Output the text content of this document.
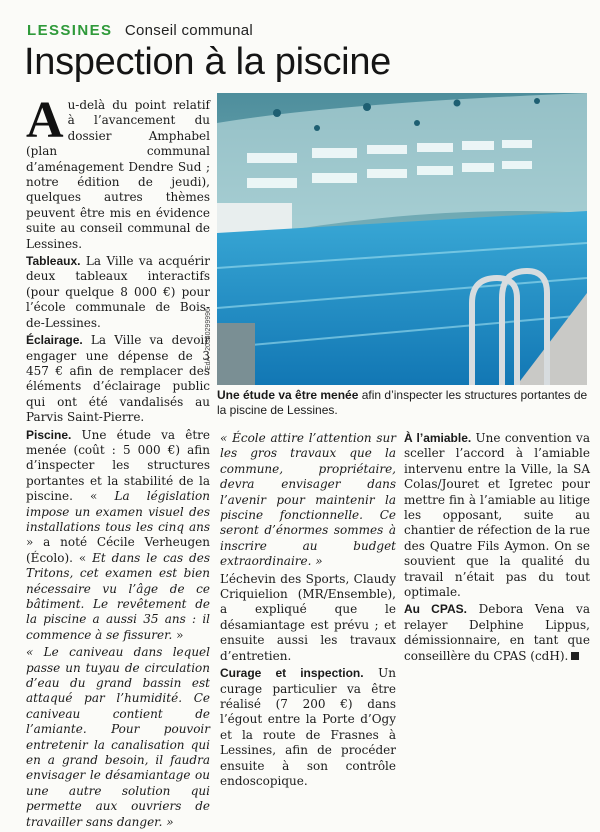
LESSINES Conseil communal
Inspection à la piscine

Au-delà du point relatif à l’avancement du dossier Amphabel (plan communal d’aménagement Dendre Sud ; notre édition de jeudi), quelques autres thèmes peuvent être mis en évidence suite au conseil communal de Lessines.

Tableaux. La Ville va acquérir deux tableaux interactifs (pour quelque 8 000 €) pour l’école communale de Bois-de-Lessines.

Éclairage. La Ville va devoir engager une dépense de 3 457 € afin de remplacer des éléments d’éclairage public qui ont été vandalisés au Parvis Saint-Pierre.

Piscine. Une étude va être menée (coût : 5 000 €) afin d’inspecter les structures portantes et la stabilité de la piscine. « La législation impose un examen visuel des installations tous les cinq ans » a noté Cécile Verheugen (Écolo). « Et dans le cas des Tritons, cet examen est bien nécessaire vu l’âge de ce bâtiment. Le revêtement de la piscine a aussi 35 ans : il commence à se fissurer. »

« Le caniveau dans lequel passe un tuyau de circulation d’eau du grand bassin est attaqué par l’humidité. Ce caniveau contient de l’amiante. Pour pouvoir entretenir la canalisation qui en a grand besoin, il faudra envisager le désamiantage ou une autre solution qui permette aux ouvriers de travailler sans danger. »

EdA - 20340299996
Une étude va être menée afin d’inspecter les structures portantes de la piscine de Lessines.

« École attire l’attention sur les gros travaux que la commune, propriétaire, devra envisager dans l’avenir pour maintenir la piscine fonctionnelle. Ce seront d’énormes sommes à inscrire au budget extraordinaire. »

L’échevin des Sports, Claudy Criquielion (MR/Ensemble), a expliqué que le désamiantage est prévu ; et ensuite aussi les travaux d’entretien.

Curage et inspection. Un curage particulier va être réalisé (7 200 €) dans l’égout entre la Porte d’Ogy et la route de Frasnes à Lessines, afin de procéder ensuite à son contrôle endoscopique.

À l’amiable. Une convention va sceller l’accord à l’amiable intervenu entre la Ville, la SA Colas/Jouret et Igretec pour mettre fin à l’amiable au litige les opposant, suite au chantier de réfection de la rue des Quatre Fils Aymon. On se souvient que la qualité du travail n’était pas du tout optimale.

Au CPAS. Debora Vena va relayer Delphine Lippus, démissionnaire, en tant que conseillère du CPAS (cdH).
